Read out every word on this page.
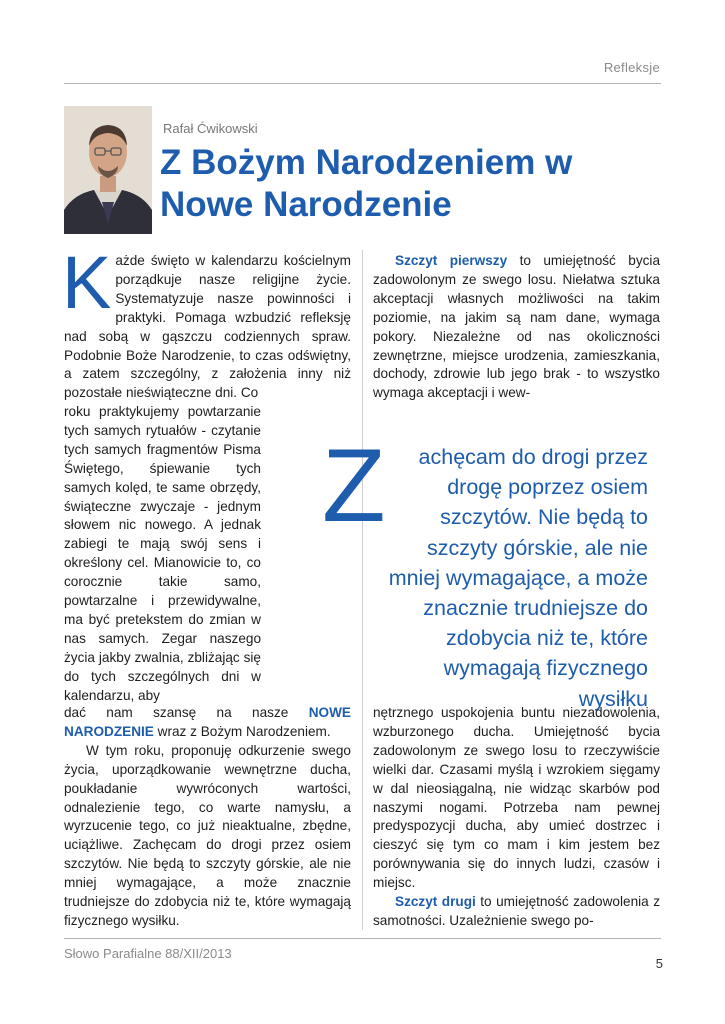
Refleksje
Rafał Ćwikowski
Z Bożym Narodzeniem w Nowe Narodzenie

Każde święto w kalendarzu kościelnym porządkuje nasze religijne życie. Systematyzuje nasze powinności i praktyki. Pomaga wzbudzić refleksję nad sobą w gąszczu codziennych spraw. Podobnie Boże Narodzenie, to czas odświętny, a zatem szczególny, z założenia inny niż pozostałe nieświąteczne dni. Co

roku praktykujemy powtarzanie tych samych rytuałów - czytanie tych samych fragmentów Pisma Świętego, śpiewanie tych samych kolęd, te same obrzędy, świąteczne zwyczaje - jednym słowem nic nowego. A jednak zabiegi te mają swój sens i określony cel. Mianowicie to, co corocznie takie samo, powtarzalne i przewidywalne, ma być pretekstem do zmian w nas samych. Zegar naszego życia jakby zwalnia, zbliżając się do tych szczególnych dni w kalendarzu, aby

dać nam szansę na nasze NOWE NARODZENIE wraz z Bożym Narodzeniem.

W tym roku, proponuję odkurzenie swego życia, uporządkowanie wewnętrzne ducha, poukładanie wywróconych wartości, odnalezienie tego, co warte namysłu, a wyrzucenie tego, co już nieaktualne, zbędne, uciążliwe. Zachęcam do drogi przez osiem szczytów. Nie będą to szczyty górskie, ale nie mniej wymagające, a może znacznie trudniejsze do zdobycia niż te, które wymagają fizycznego wysiłku.

Szczyt pierwszy to umiejętność bycia zadowolonym ze swego losu. Niełatwa sztuka akceptacji własnych możliwości na takim poziomie, na jakim są nam dane, wymaga pokory. Niezależne od nas okoliczności zewnętrzne, miejsce urodzenia, zamieszkania, dochody, zdrowie lub jego brak - to wszystko wymaga akceptacji i wew-

Z	achęcam do drogi przez drogę poprzez osiem szczytów. Nie będą to szczyty górskie, ale nie mniej wymagające, a może znacznie trudniejsze do zdobycia niż te, które wymagają fizycznego wysiłku

nętrznego uspokojenia buntu niezadowolenia, wzburzonego ducha. Umiejętność bycia zadowolonym ze swego losu to rzeczywiście wielki dar. Czasami myślą i wzrokiem sięgamy w dal nieosiągalną, nie widząc skarbów pod naszymi nogami. Potrzeba nam pewnej predyspozycji ducha, aby umieć dostrzec i cieszyć się tym co mam i kim jestem bez porównywania się do innych ludzi, czasów i miejsc.

Szczyt drugi to umiejętność zadowolenia z samotności. Uzależnienie swego po-

Słowo Parafialne 88/XII/2013
5
